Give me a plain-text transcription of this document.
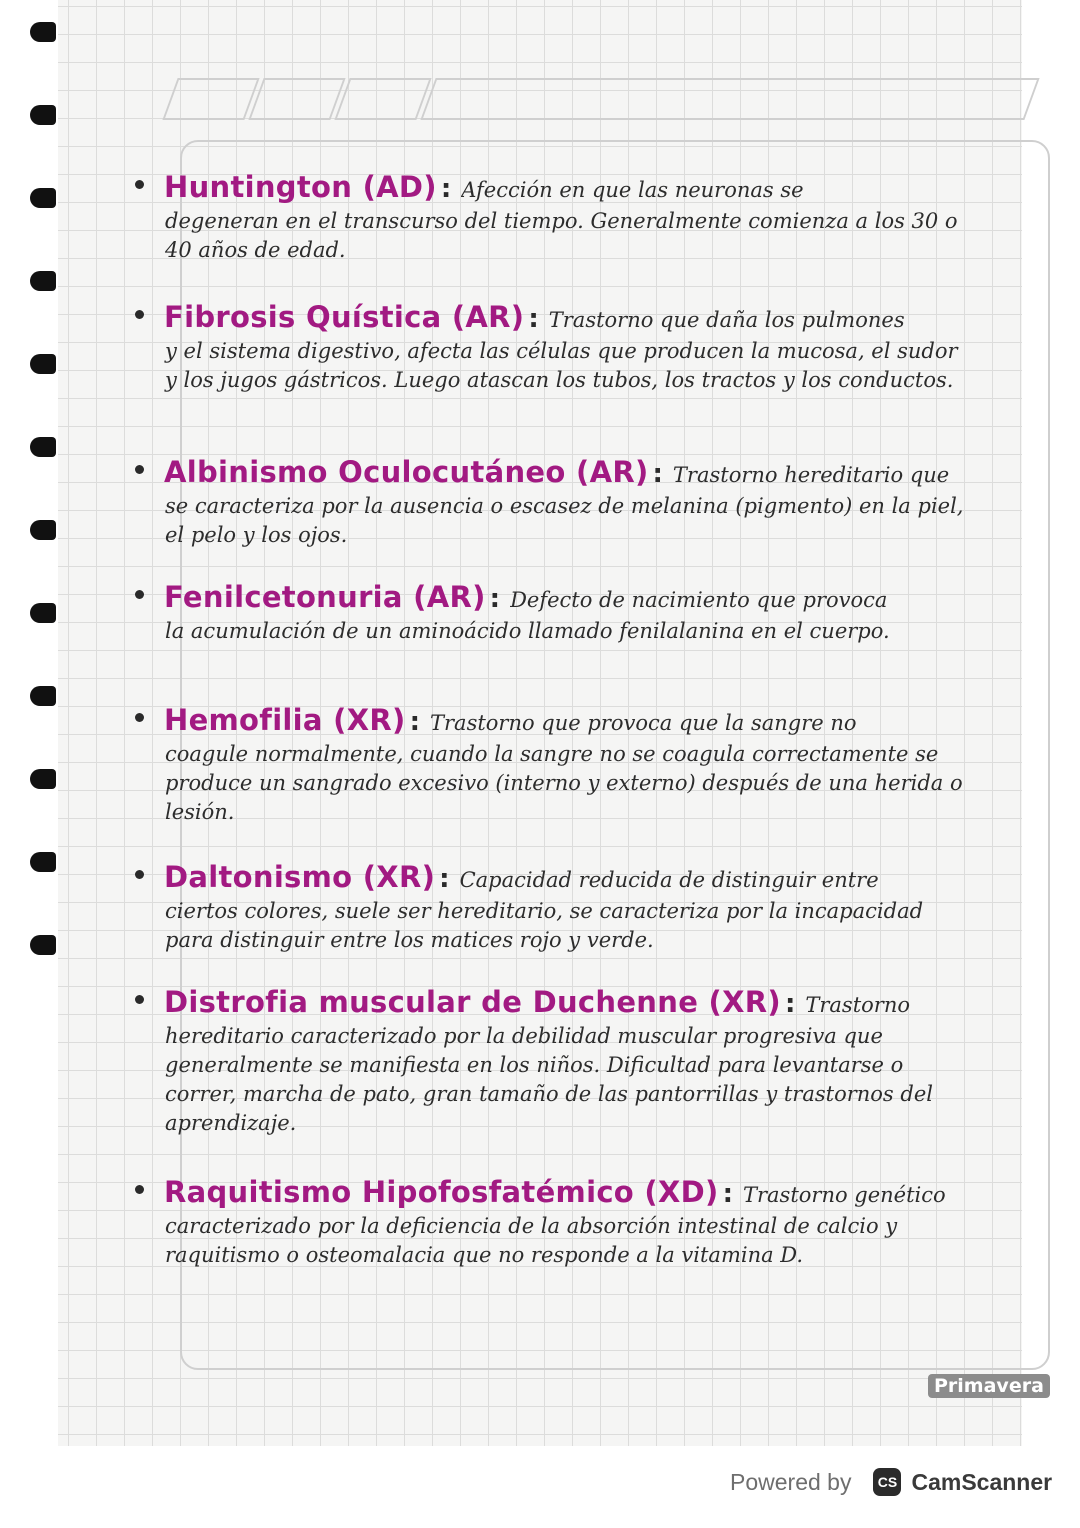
Primavera
Huntington (AD) : Afección en que las neuronas se
degeneran en el transcurso del tiempo. Generalmente comienza a los 30 o 40 años de edad.
Fibrosis Quística (AR) : Trastorno que daña los pulmones
y el sistema digestivo, afecta las células que producen la mucosa, el sudor y los jugos gástricos. Luego atascan los tubos, los tractos y los conductos.
Albinismo Oculocutáneo (AR) : Trastorno hereditario que
se caracteriza por la ausencia o escasez de melanina (pigmento) en la piel, el pelo y los ojos.
Fenilcetonuria (AR) : Defecto de nacimiento que provoca
la acumulación de un aminoácido llamado fenilalanina en el cuerpo.
Hemofilia (XR) : Trastorno que provoca que la sangre no
coagule normalmente, cuando la sangre no se coagula correctamente se produce un sangrado excesivo (interno y externo) después de una herida o lesión.
Daltonismo (XR) : Capacidad reducida de distinguir entre
ciertos colores, suele ser hereditario, se caracteriza por la incapacidad para distinguir entre los matices rojo y verde.
Distrofia muscular de Duchenne (XR) : Trastorno
hereditario caracterizado por la debilidad muscular progresiva que generalmente se manifiesta en los niños. Dificultad para levantarse o correr, marcha de pato, gran tamaño de las pantorrillas y trastornos del aprendizaje.
Raquitismo Hipofosfatémico (XD) : Trastorno genético
caracterizado por la deficiencia de la absorción intestinal de calcio y raquitismo o osteomalacia que no responde a la vitamina D.
Powered by	CS CamScanner
